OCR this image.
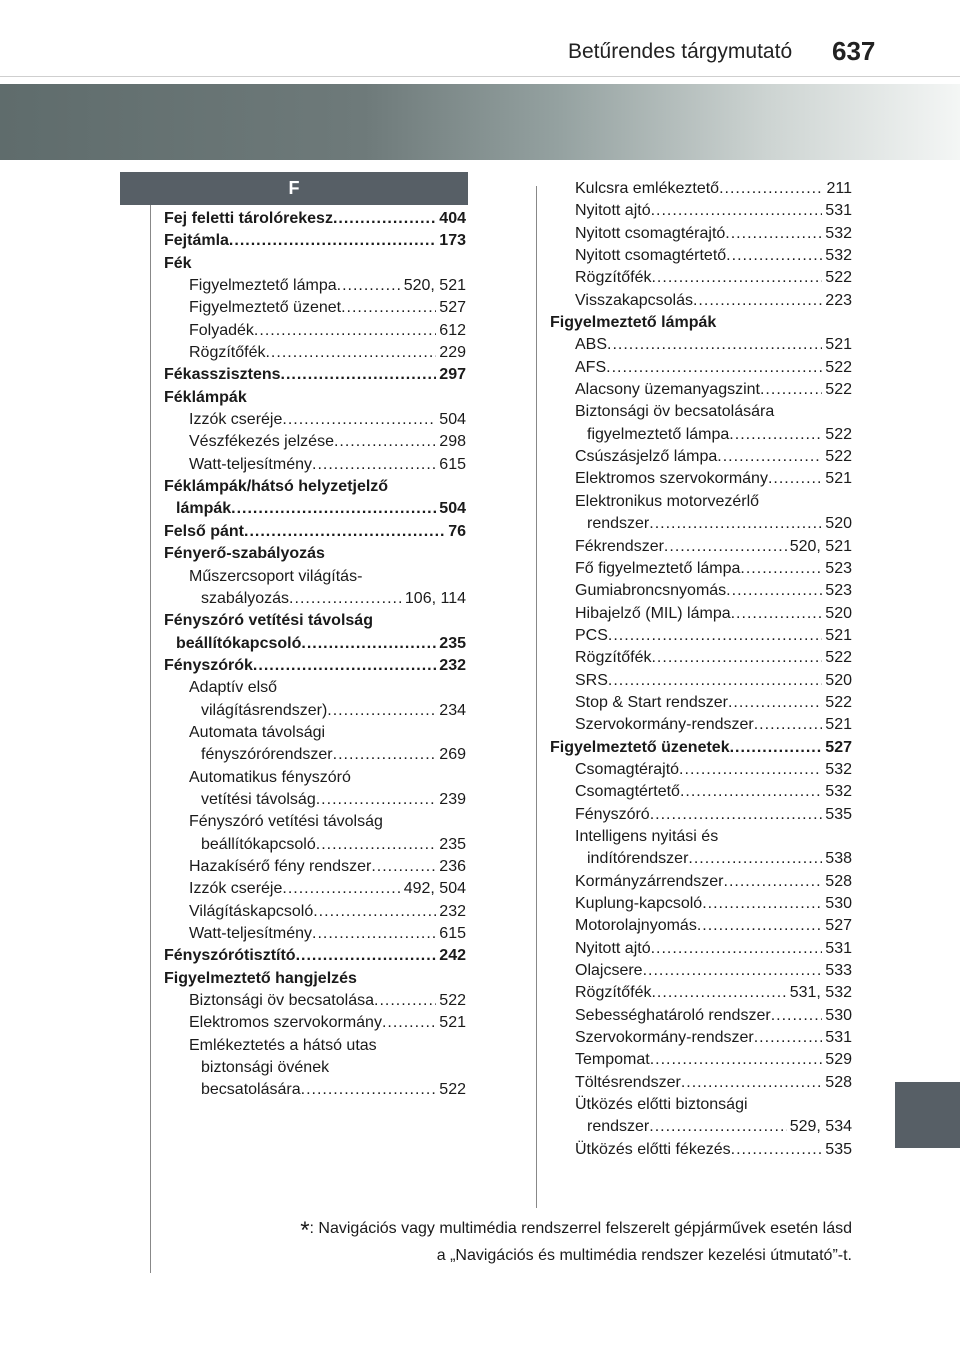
Betűrendes tárgymutató 637
F
Fej feletti tárolórekesz .....	404
Fejtámla .....	173
Fék
Figyelmeztető lámpa .....	520, 521
Figyelmeztető üzenet .....	527
Folyadék .....	612
Rögzítőfék .....	229
Fékasszisztens .....	297
Féklámpák
Izzók cseréje .....	504
Vészfékezés jelzése .....	298
Watt-teljesítmény .....	615
Féklámpák/hátsó helyzetjelző
lámpák .....	504
Felső pánt .....	76
Fényerő-szabályozás
Műszercsoport világítás-
szabályozás .....	106, 114
Fényszóró vetítési távolság
beállítókapcsoló .....	235
Fényszórók .....	232
Adaptív első
világításrendszer) .....	234
Automata távolsági
fényszórórendszer .....	269
Automatikus fényszóró
vetítési távolság .....	239
Fényszóró vetítési távolság
beállítókapcsoló .....	235
Hazakísérő fény rendszer .....	236
Izzók cseréje .....	492, 504
Világításkapcsoló .....	232
Watt-teljesítmény .....	615
Fényszórótisztító .....	242
Figyelmeztető hangjelzés
Biztonsági öv becsatolása .....	522
Elektromos szervokormány .....	521
Emlékeztetés a hátsó utas
biztonsági övének
becsatolására .....	522
Kulcsra emlékeztető .....	211
Nyitott ajtó .....	531
Nyitott csomagtérajtó .....	532
Nyitott csomagtértető .....	532
Rögzítőfék .....	522
Visszakapcsolás .....	223
Figyelmeztető lámpák
ABS .....	521
AFS .....	522
Alacsony üzemanyagszint .....	522
Biztonsági öv becsatolására
figyelmeztető lámpa .....	522
Csúszásjelző lámpa .....	522
Elektromos szervokormány .....	521
Elektronikus motorvezérlő
rendszer .....	520
Fékrendszer .....	520, 521
Fő figyelmeztető lámpa .....	523
Gumiabroncsnyomás .....	523
Hibajelző (MIL) lámpa .....	520
PCS .....	521
Rögzítőfék .....	522
SRS .....	520
Stop & Start rendszer .....	522
Szervokormány-rendszer .....	521
Figyelmeztető üzenetek .....	527
Csomagtérajtó .....	532
Csomagtértető .....	532
Fényszóró .....	535
Intelligens nyitási és
indítórendszer .....	538
Kormányzárrendszer .....	528
Kuplung-kapcsoló .....	530
Motorolajnyomás .....	527
Nyitott ajtó .....	531
Olajcsere .....	533
Rögzítőfék .....	531, 532
Sebességhatároló rendszer .....	530
Szervokormány-rendszer .....	531
Tempomat .....	529
Töltésrendszer .....	528
Ütközés előtti biztonsági
rendszer .....	529, 534
Ütközés előtti fékezés .....	535
*: Navigációs vagy multimédia rendszerrel felszerelt gépjárművek esetén lásd
a „Navigációs és multimédia rendszer kezelési útmutató”-t.
